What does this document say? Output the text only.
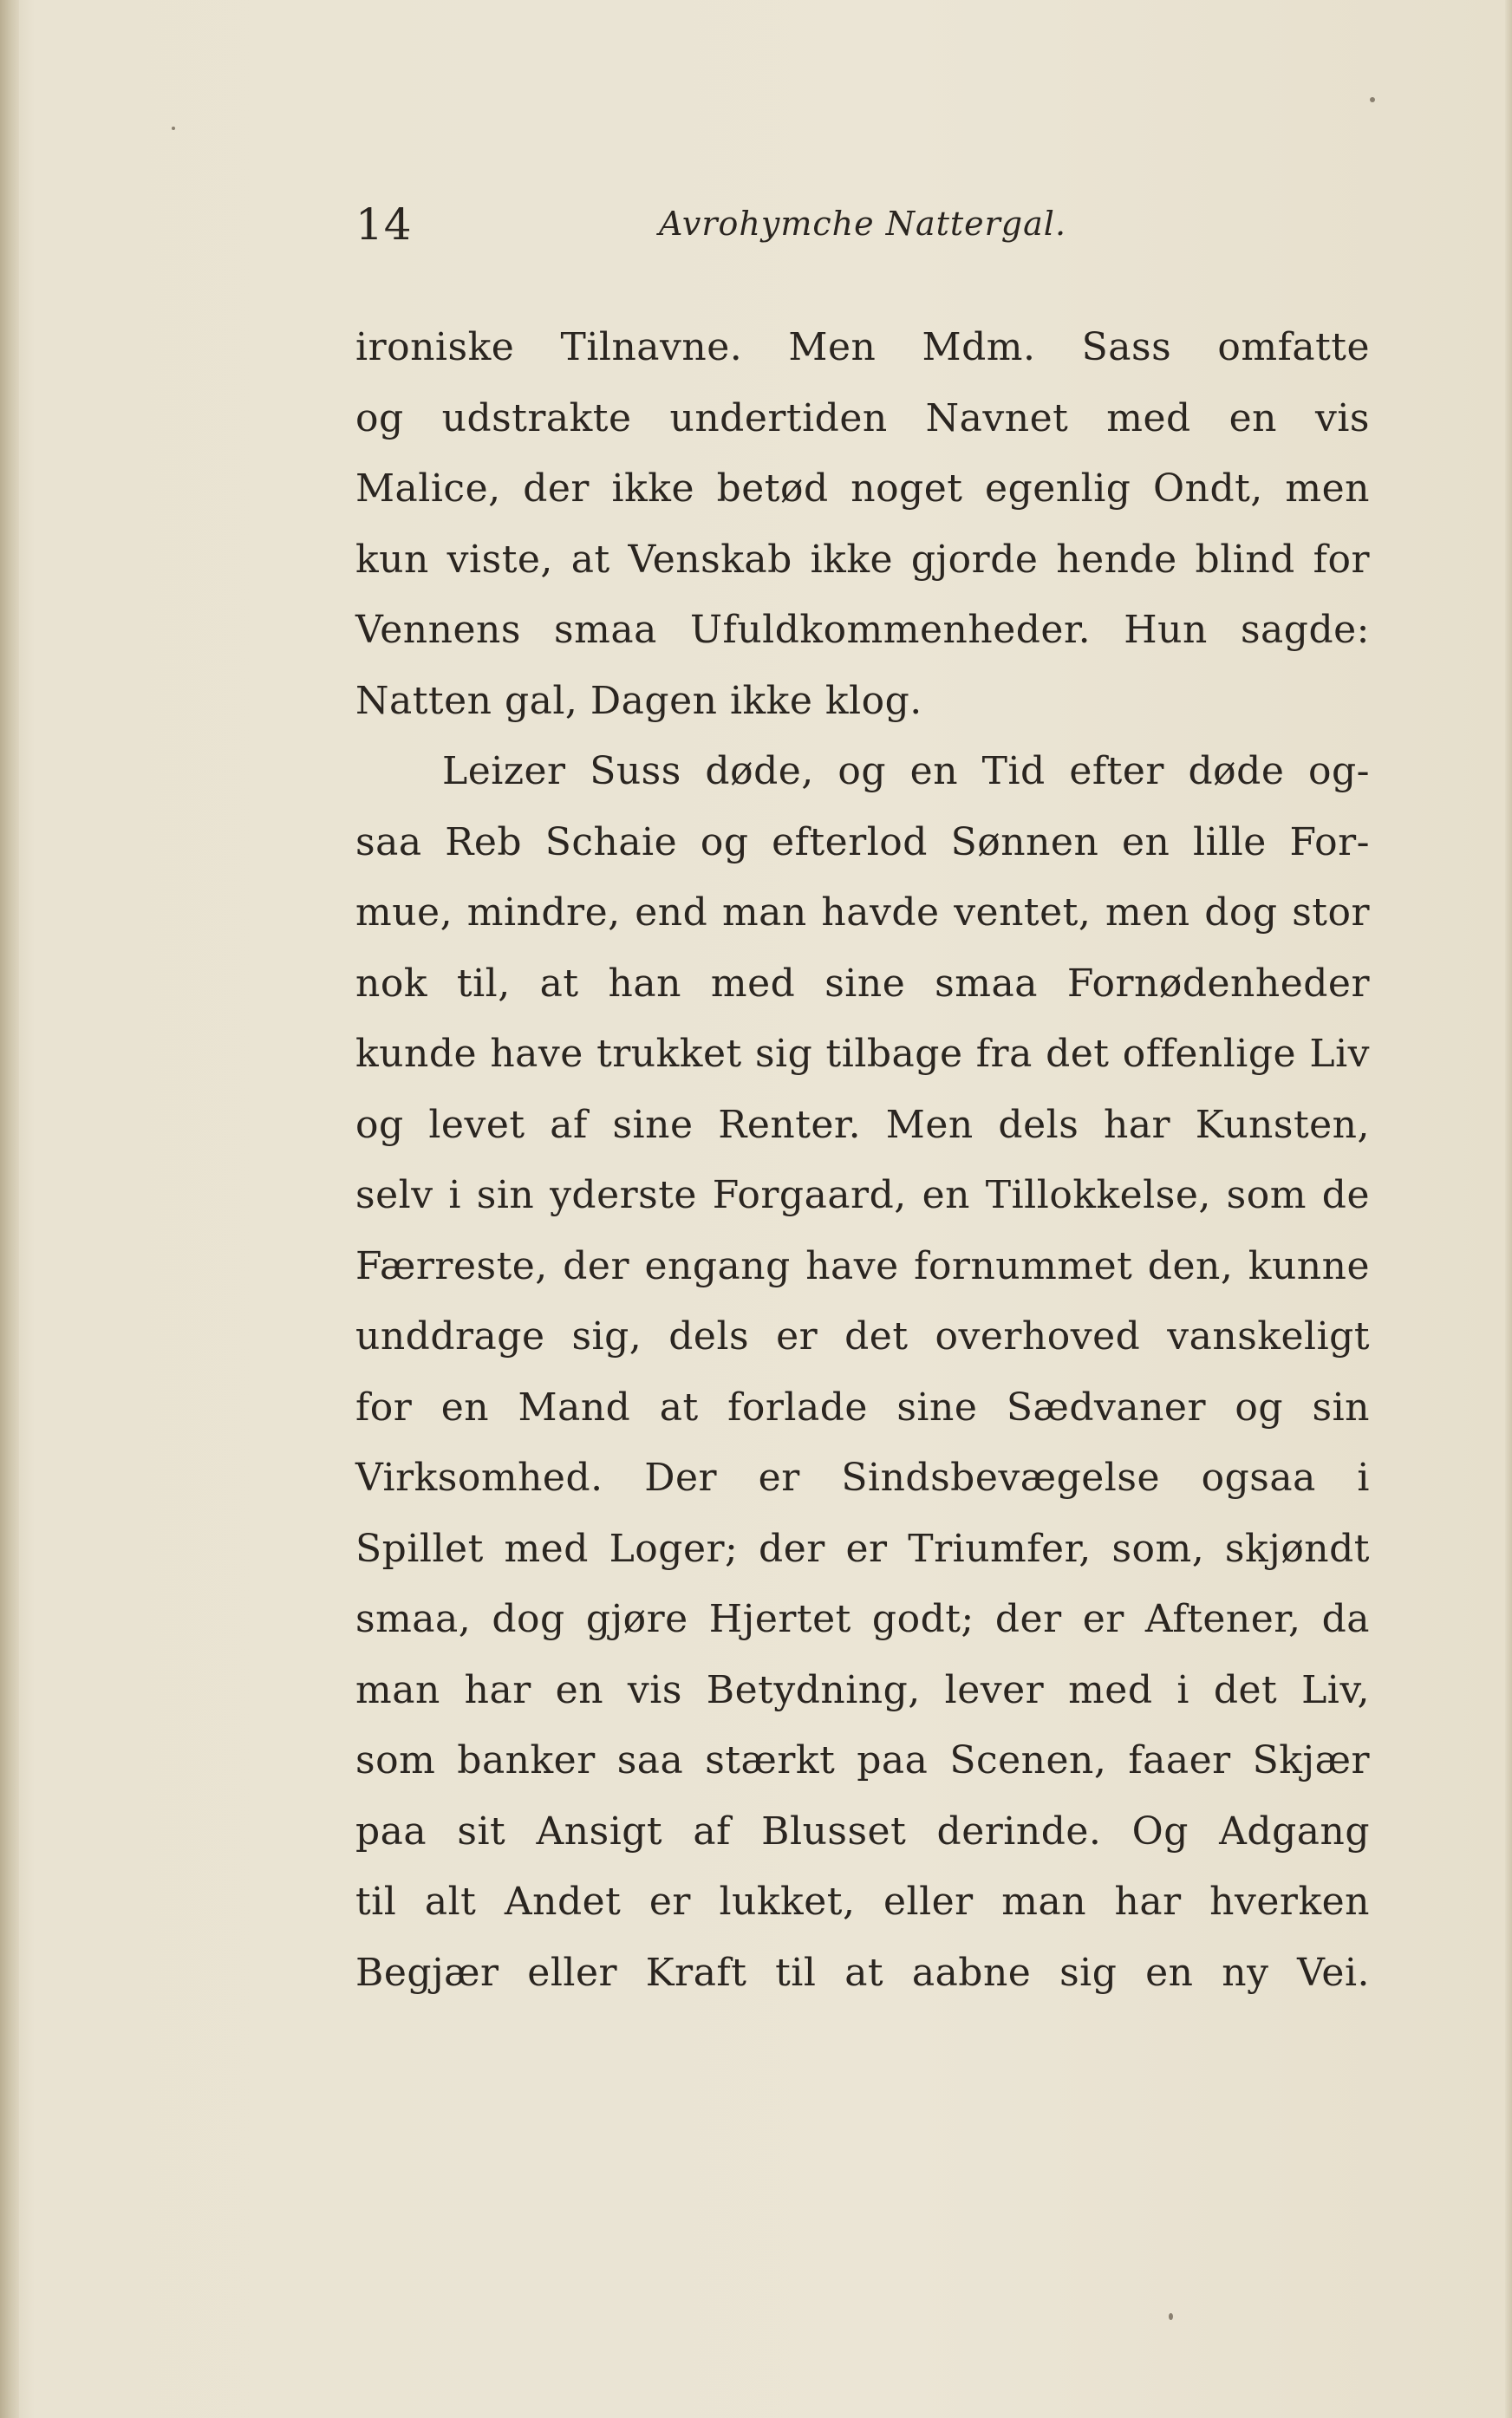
14	Avrohymche Nattergal.
ironiske Tilnavne. Men Mdm. Sass omfatte
og udstrakte undertiden Navnet med en vis
Malice, der ikke betød noget egenlig Ondt, men
kun viste, at Venskab ikke gjorde hende blind for
Vennens smaa Ufuldkommenheder. Hun sagde:
Natten gal, Dagen ikke klog.
Leizer Suss døde, og en Tid efter døde og-
saa Reb Schaie og efterlod Sønnen en lille For-
mue, mindre, end man havde ventet, men dog stor
nok til, at han med sine smaa Fornødenheder
kunde have trukket sig tilbage fra det offenlige Liv
og levet af sine Renter. Men dels har Kunsten,
selv i sin yderste Forgaard, en Tillokkelse, som de
Færreste, der engang have fornummet den, kunne
unddrage sig, dels er det overhoved vanskeligt
for en Mand at forlade sine Sædvaner og sin
Virksomhed. Der er Sindsbevægelse ogsaa i
Spillet med Loger; der er Triumfer, som, skjøndt
smaa, dog gjøre Hjertet godt; der er Aftener, da
man har en vis Betydning, lever med i det Liv,
som banker saa stærkt paa Scenen, faaer Skjær
paa sit Ansigt af Blusset derinde. Og Adgang
til alt Andet er lukket, eller man har hverken
Begjær eller Kraft til at aabne sig en ny Vei.
